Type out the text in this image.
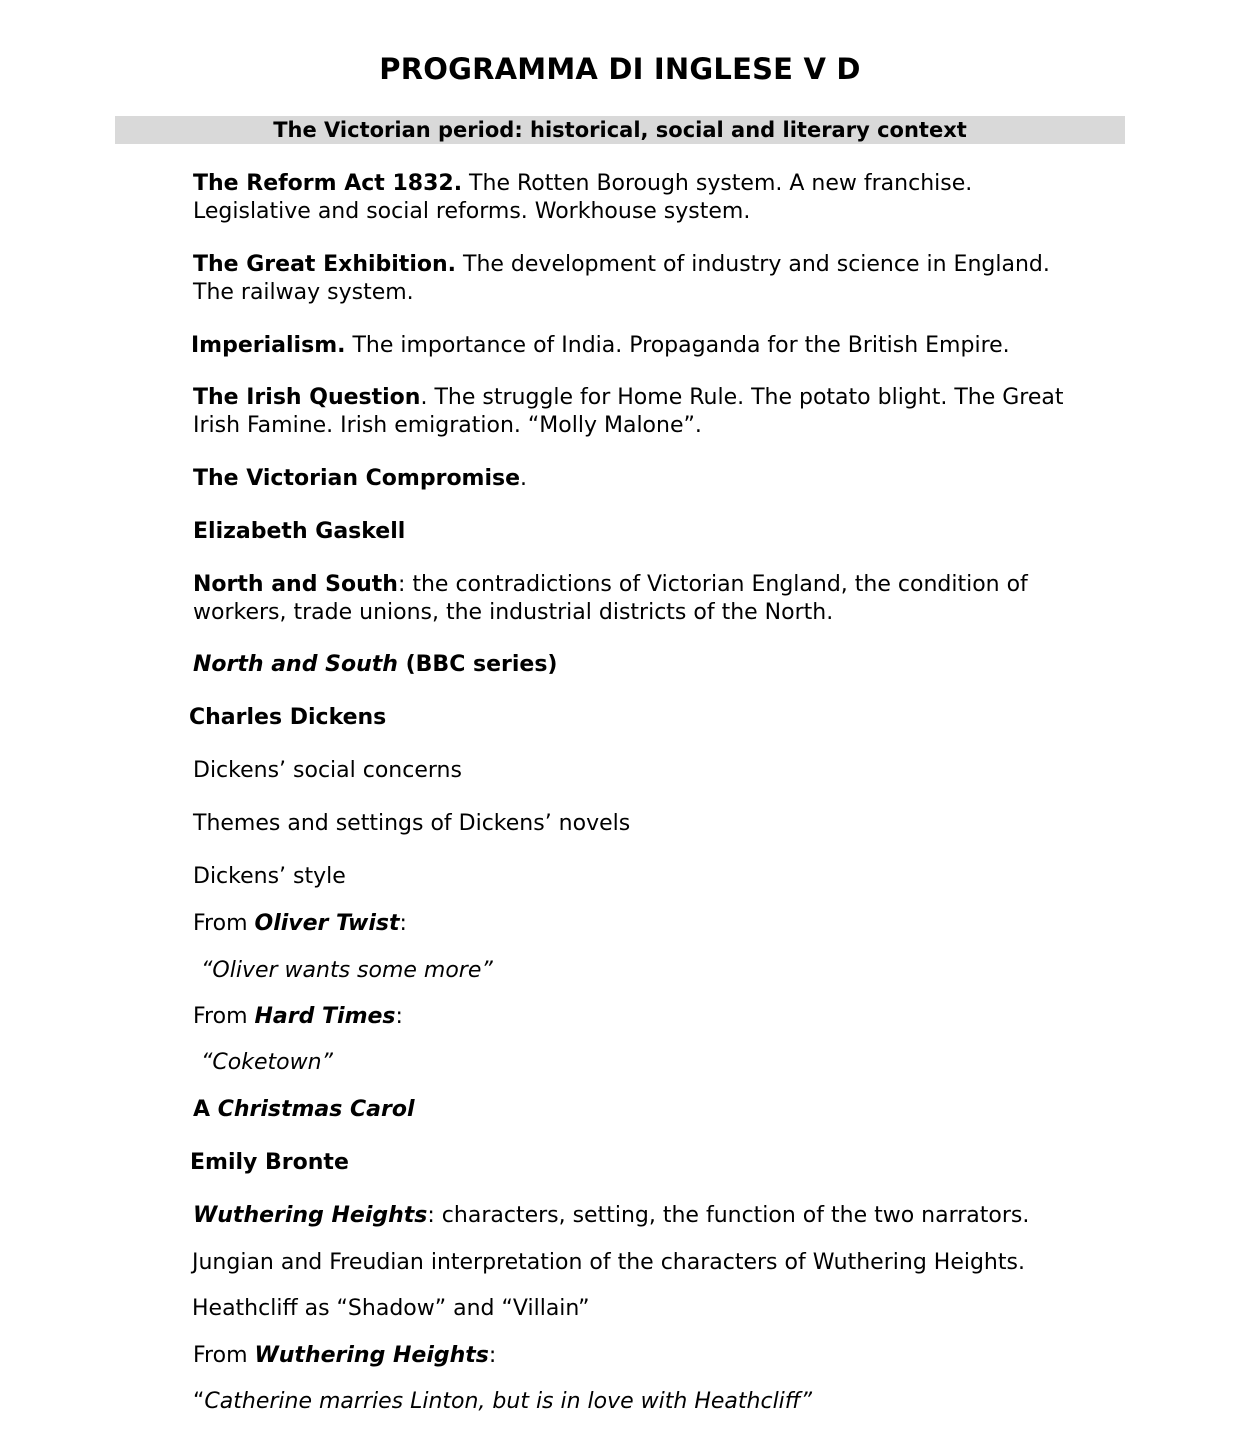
PROGRAMMA DI INGLESE V D
The Victorian period: historical, social and literary context

The Reform Act 1832. The Rotten Borough system. A new franchise.
Legislative and social reforms. Workhouse system.

The Great Exhibition. The development of industry and science in England.
The railway system.

Imperialism. The importance of India. Propaganda for the British Empire.

The Irish Question. The struggle for Home Rule. The potato blight. The Great
Irish Famine. Irish emigration. “Molly Malone”.

The Victorian Compromise.

Elizabeth Gaskell

North and South: the contradictions of Victorian England, the condition of
workers, trade unions, the industrial districts of the North.

North and South (BBC series)

Charles Dickens

Dickens’ social concerns

Themes and settings of Dickens’ novels

Dickens’ style

From Oliver Twist:

“Oliver wants some more”

From Hard Times:

“Coketown”

A Christmas Carol

Emily Bronte

Wuthering Heights: characters, setting, the function of the two narrators.

Jungian and Freudian interpretation of the characters of Wuthering Heights.

Heathcliff as “Shadow” and “Villain”

From Wuthering Heights:

“Catherine marries Linton, but is in love with Heathcliff”
